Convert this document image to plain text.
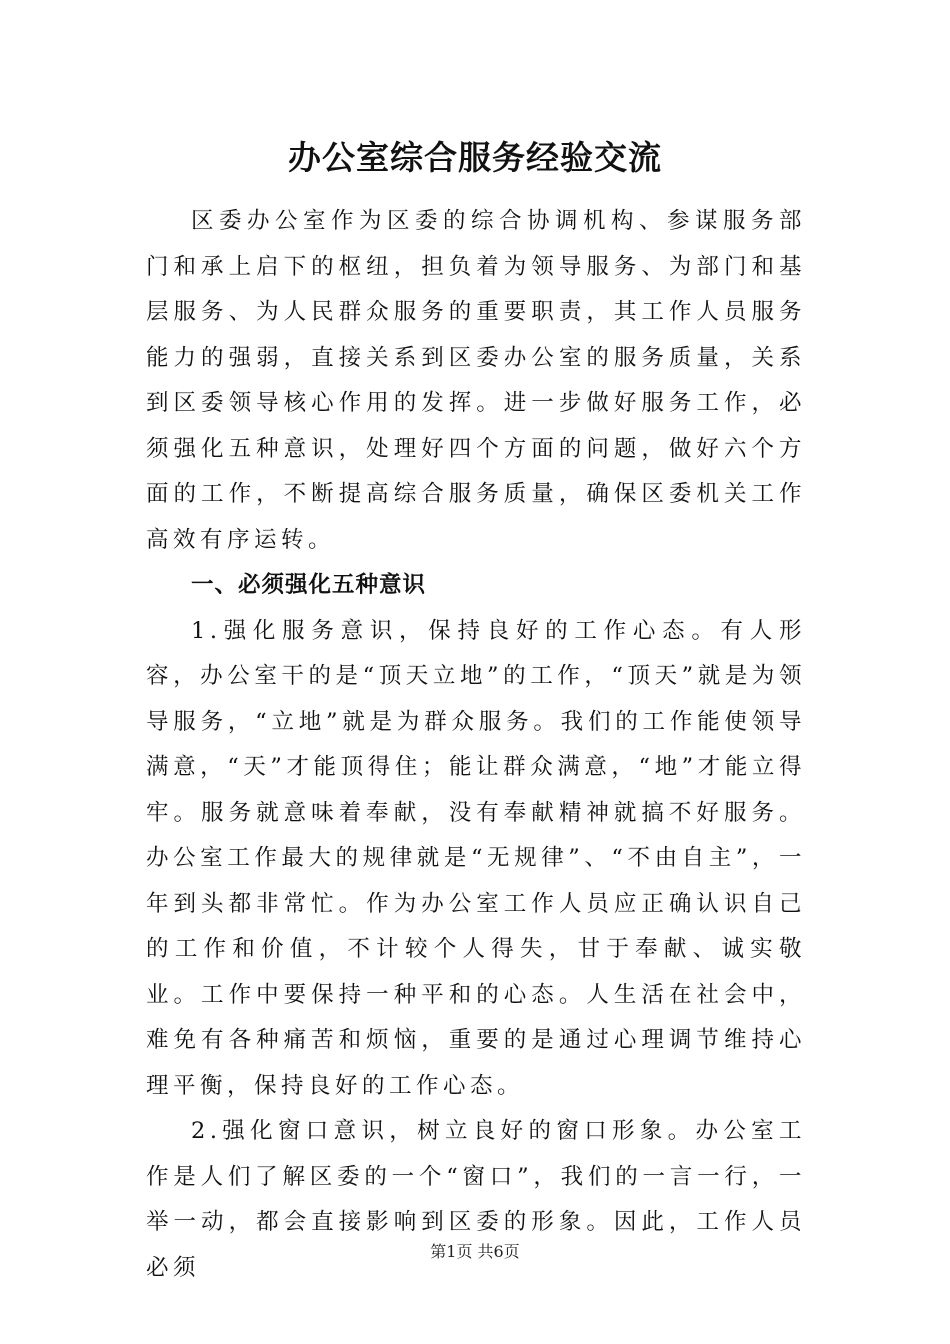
办公室综合服务经验交流

区委办公室作为区委的综合协调机构、参谋服务部门和承上启下的枢纽，担负着为领导服务、为部门和基层服务、为人民群众服务的重要职责，其工作人员服务能力的强弱，直接关系到区委办公室的服务质量，关系到区委领导核心作用的发挥。进一步做好服务工作，必须强化五种意识，处理好四个方面的问题，做好六个方面的工作，不断提高综合服务质量，确保区委机关工作高效有序运转。

一、必须强化五种意识

1.强化服务意识，保持良好的工作心态。有人形容，办公室干的是“顶天立地”的工作，“顶天”就是为领导服务，“立地”就是为群众服务。我们的工作能使领导满意，“天”才能顶得住；能让群众满意，“地”才能立得牢。服务就意味着奉献，没有奉献精神就搞不好服务。办公室工作最大的规律就是“无规律”、“不由自主”，一年到头都非常忙。作为办公室工作人员应正确认识自己的工作和价值，不计较个人得失，甘于奉献、诚实敬业。工作中要保持一种平和的心态。人生活在社会中，难免有各种痛苦和烦恼，重要的是通过心理调节维持心理平衡，保持良好的工作心态。

2.强化窗口意识，树立良好的窗口形象。办公室工作是人们了解区委的一个“窗口”，我们的一言一行，一举一动，都会直接影响到区委的形象。因此，工作人员必须

第1页 共6页
